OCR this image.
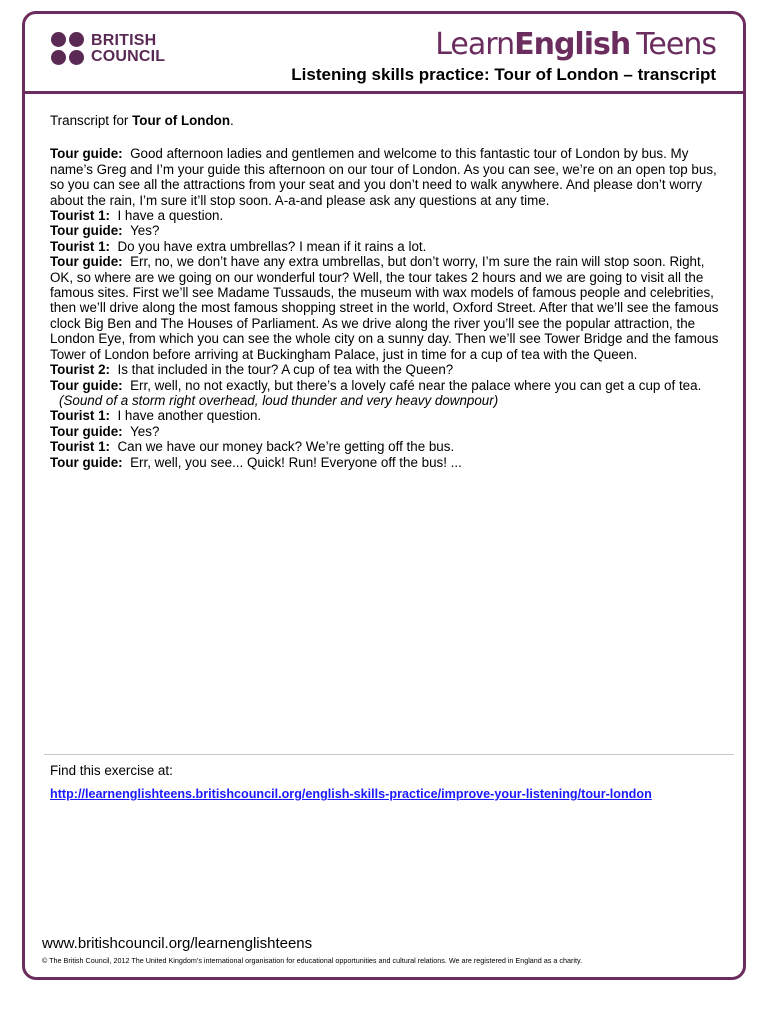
BRITISH
COUNCIL	LearnEnglish Teens
Listening skills practice: Tour of London – transcript

Transcript for Tour of London.

Tour guide: Good afternoon ladies and gentlemen and welcome to this fantastic tour of London by bus. My name’s Greg and I’m your guide this afternoon on our tour of London. As you can see, we’re on an open top bus, so you can see all the attractions from your seat and you don’t need to walk anywhere. And please don’t worry about the rain, I’m sure it’ll stop soon. A-a-and please ask any questions at any time.

Tourist 1: I have a question.

Tour guide: Yes?

Tourist 1: Do you have extra umbrellas? I mean if it rains a lot.

Tour guide: Err, no, we don’t have any extra umbrellas, but don’t worry, I’m sure the rain will stop soon. Right, OK, so where are we going on our wonderful tour? Well, the tour takes 2 hours and we are going to visit all the famous sites. First we’ll see Madame Tussauds, the museum with wax models of famous people and celebrities, then we’ll drive along the most famous shopping street in the world, Oxford Street. After that we’ll see the famous clock Big Ben and The Houses of Parliament. As we drive along the river you’ll see the popular attraction, the London Eye, from which you can see the whole city on a sunny day. Then we’ll see Tower Bridge and the famous Tower of London before arriving at Buckingham Palace, just in time for a cup of tea with the Queen.

Tourist 2: Is that included in the tour? A cup of tea with the Queen?

Tour guide: Err, well, no not exactly, but there’s a lovely café near the palace where you can get a cup of tea.

(Sound of a storm right overhead, loud thunder and very heavy downpour)

Tourist 1: I have another question.

Tour guide: Yes?

Tourist 1: Can we have our money back? We’re getting off the bus.

Tour guide: Err, well, you see... Quick! Run! Everyone off the bus! ...

Find this exercise at:
http://learnenglishteens.britishcouncil.org/english-skills-practice/improve-your-listening/tour-london
www.britishcouncil.org/learnenglishteens
© The British Council, 2012 The United Kingdom’s international organisation for educational opportunities and cultural relations. We are registered in England as a charity.
